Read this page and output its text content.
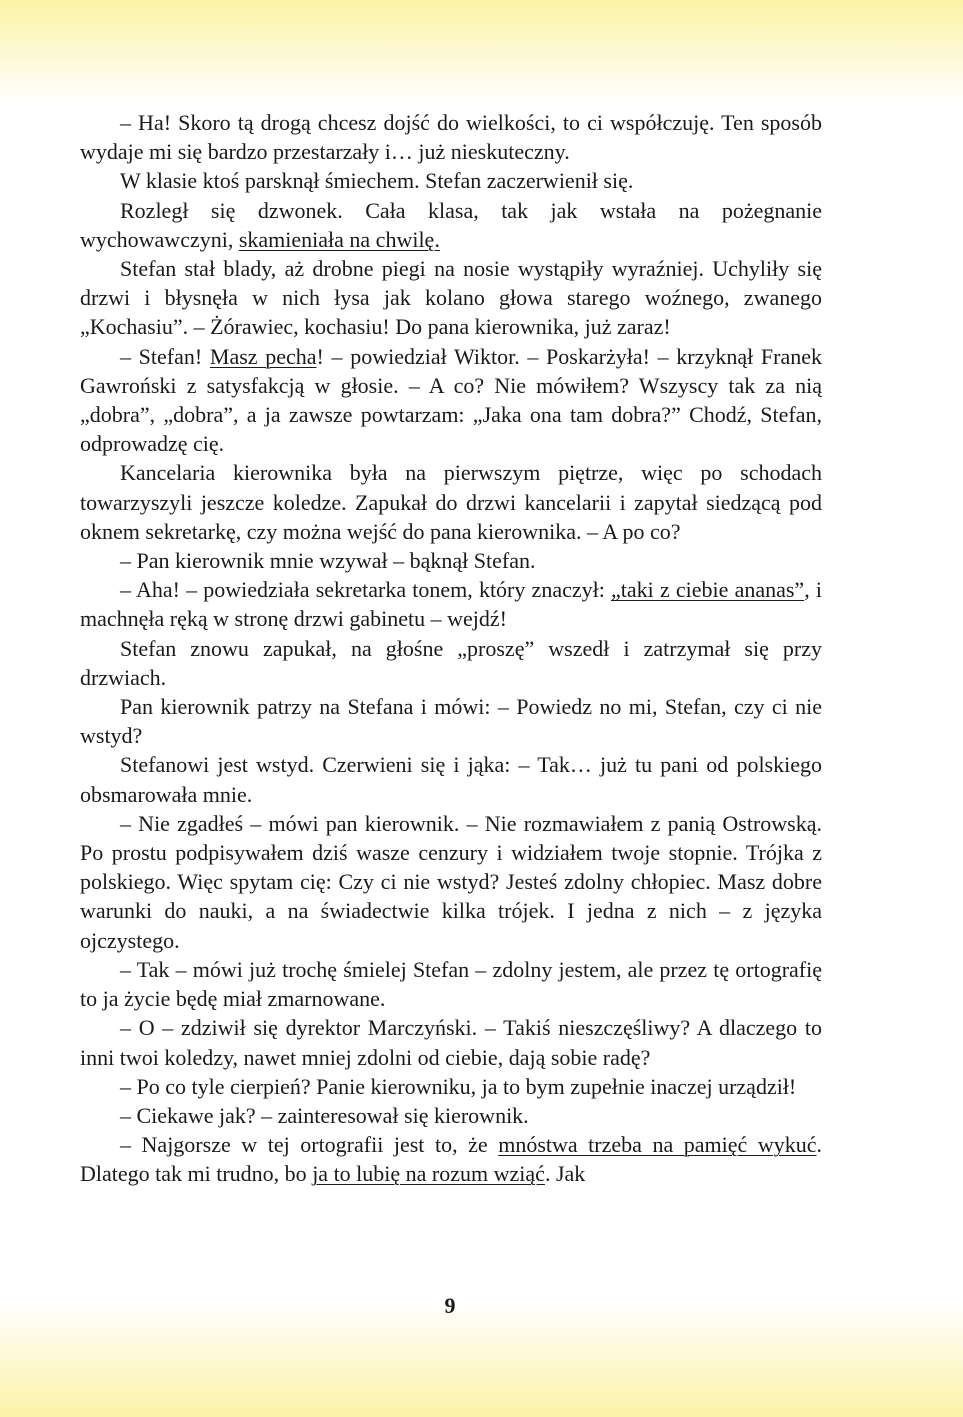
– Ha! Skoro tą drogą chcesz dojść do wielkości, to ci współczuję. Ten sposób wydaje mi się bardzo przestarzały i… już nieskuteczny.

W klasie ktoś parsknął śmiechem. Stefan zaczerwienił się.

Rozległ się dzwonek. Cała klasa, tak jak wstała na pożegnanie wychowawczyni, skamieniała na chwilę.

Stefan stał blady, aż drobne piegi na nosie wystąpiły wyraźniej. Uchyliły się drzwi i błysnęła w nich łysa jak kolano głowa starego woźnego, zwanego „Kochasiu”. – Żórawiec, kochasiu! Do pana kierownika, już zaraz!

– Stefan! Masz pecha! – powiedział Wiktor. – Poskarżyła! – krzyknął Franek Gawroński z satysfakcją w głosie. – A co? Nie mówiłem? Wszyscy tak za nią „dobra”, „dobra”, a ja zawsze powtarzam: „Jaka ona tam dobra?” Chodź, Stefan, odprowadzę cię.

Kancelaria kierownika była na pierwszym piętrze, więc po schodach towarzyszyli jeszcze koledze. Zapukał do drzwi kancelarii i zapytał siedzącą pod oknem sekretarkę, czy można wejść do pana kierownika. – A po co?

– Pan kierownik mnie wzywał – bąknął Stefan.

– Aha! – powiedziała sekretarka tonem, który znaczył: „taki z ciebie ananas”, i machnęła ręką w stronę drzwi gabinetu – wejdź!

Stefan znowu zapukał, na głośne „proszę” wszedł i zatrzymał się przy drzwiach.

Pan kierownik patrzy na Stefana i mówi: – Powiedz no mi, Stefan, czy ci nie wstyd?

Stefanowi jest wstyd. Czerwieni się i jąka: – Tak… już tu pani od polskiego obsmarowała mnie.

– Nie zgadłeś – mówi pan kierownik. – Nie rozmawiałem z panią Ostrowską. Po prostu podpisywałem dziś wasze cenzury i widziałem twoje stopnie. Trójka z polskiego. Więc spytam cię: Czy ci nie wstyd? Jesteś zdolny chłopiec. Masz dobre warunki do nauki, a na świadectwie kilka trójek. I jedna z nich – z języka ojczystego.

– Tak – mówi już trochę śmielej Stefan – zdolny jestem, ale przez tę ortografię to ja życie będę miał zmarnowane.

– O – zdziwił się dyrektor Marczyński. – Takiś nieszczęśliwy? A dlaczego to inni twoi koledzy, nawet mniej zdolni od ciebie, dają sobie radę?

– Po co tyle cierpień? Panie kierowniku, ja to bym zupełnie inaczej urządził!

– Ciekawe jak? – zainteresował się kierownik.

– Najgorsze w tej ortografii jest to, że mnóstwa trzeba na pamięć wykuć. Dlatego tak mi trudno, bo ja to lubię na rozum wziąć. Jak

9
